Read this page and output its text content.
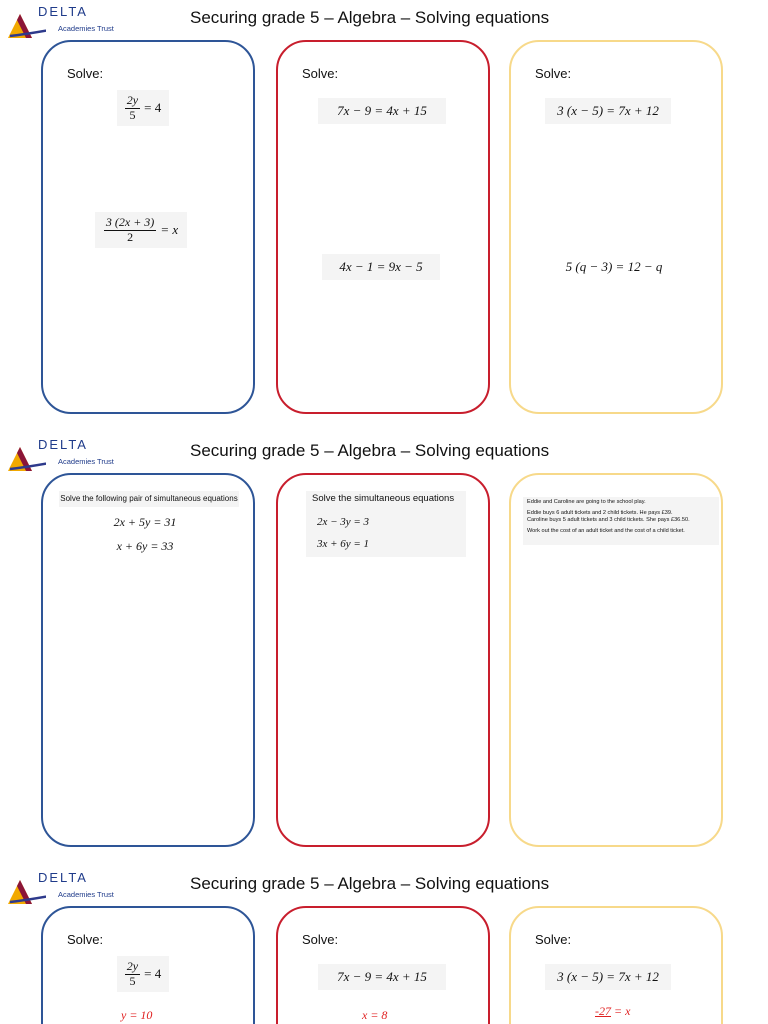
DELTA
Academies Trust
Securing grade 5 – Algebra – Solving equations
Solve:
$\frac{2y}{5} = 4$
$\frac{3 (2x + 3)}{2} = x$
Solve:
7x − 9 = 4x + 15
4x − 1 = 9x − 5
Solve:
3 (x − 5) = 7x + 12
5 (q − 3) = 12 − q
DELTA
Academies Trust
Securing grade 5 – Algebra – Solving equations
Solve the following pair of simultaneous equations
2x + 5y = 31
x + 6y = 33
Solve the simultaneous equations
2x − 3y = 3
3x + 6y = 1
Eddie and Caroline are going to the school play.
Eddie buys 6 adult tickets and 2 child tickets. He pays £39.
Caroline buys 5 adult tickets and 3 child tickets. She pays £36.50.
Work out the cost of an adult ticket and the cost of a child ticket.
DELTA
Academies Trust
Securing grade 5 – Algebra – Solving equations
Solve:
$\frac{2y}{5} = 4$
y = 10
Solve:
7x − 9 = 4x + 15
x = 8
Solve:
3 (x − 5) = 7x + 12
-27 = x
